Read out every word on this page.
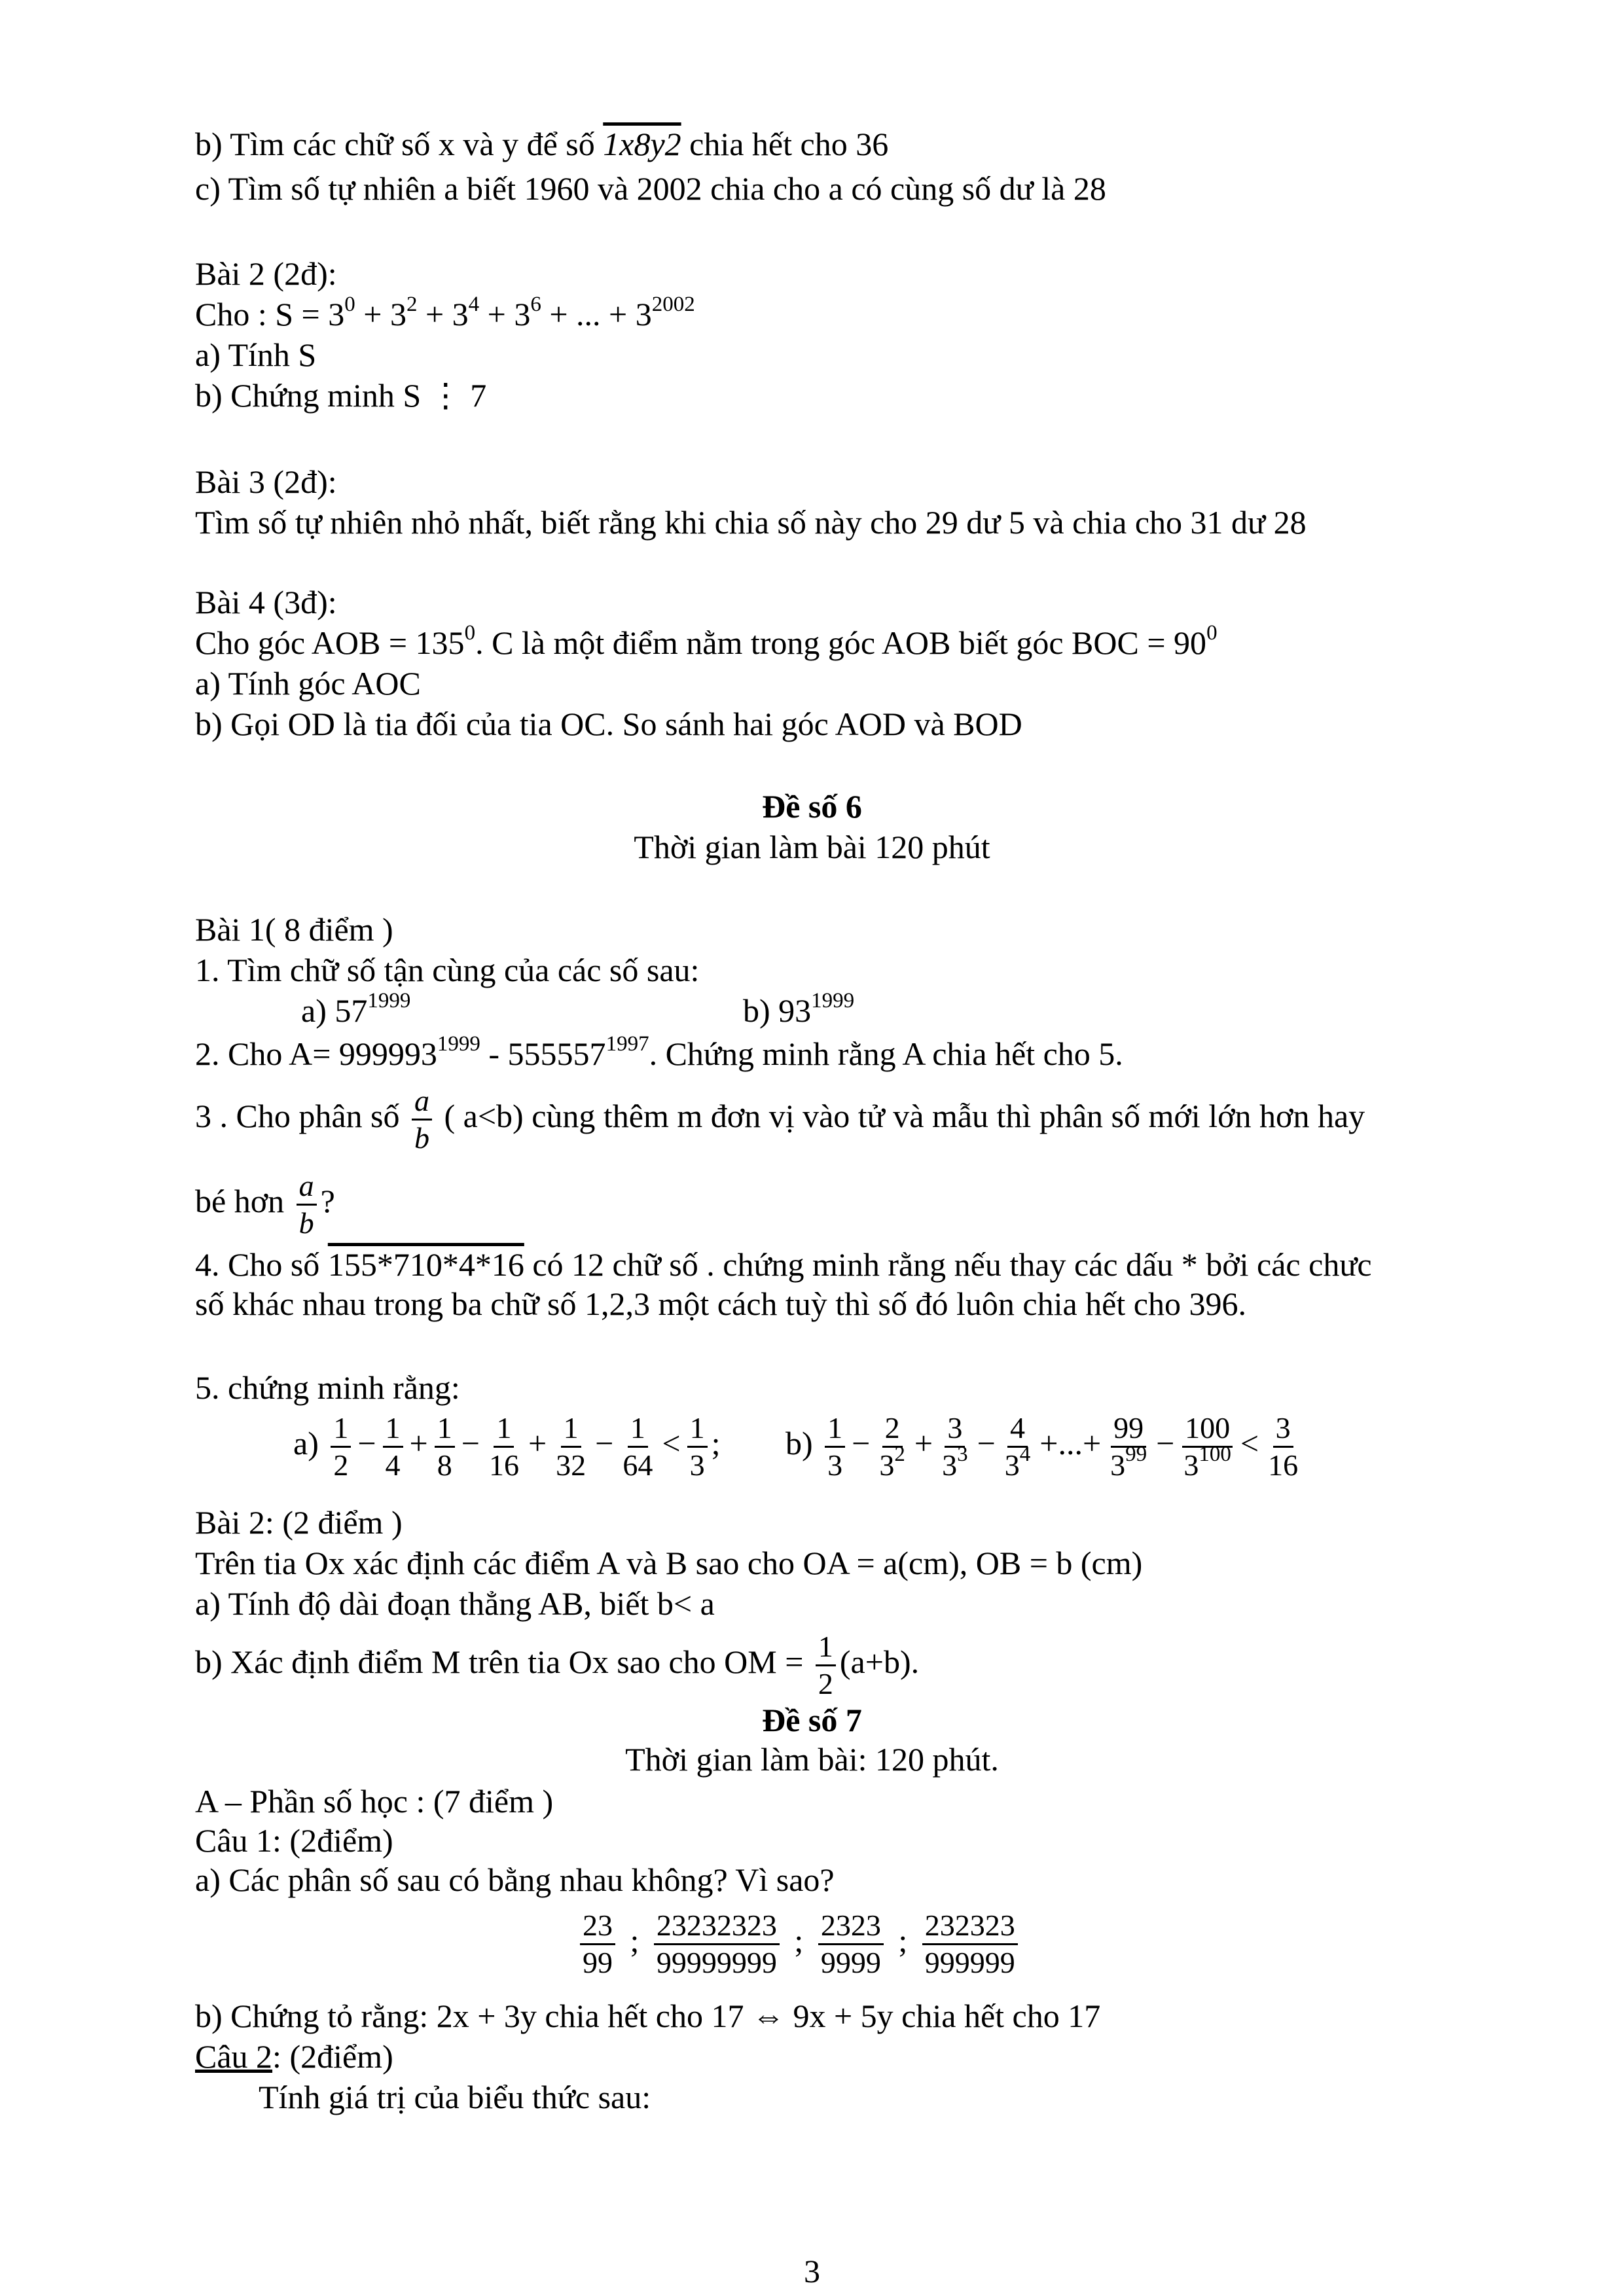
b) Tìm các chữ số x và y để số 1x8y2 chia hết cho 36
c) Tìm số tự nhiên a biết 1960 và 2002 chia cho a có cùng số dư là 28
Bài 2 (2đ):
Cho : $S = 3^0 + 3^2 + 3^4 + 3^6$ + ... + $3^{2002}$
a) Tính S
b) Chứng minh S ⋮ 7
Bài 3 (2đ):
Tìm số tự nhiên nhỏ nhất, biết rằng khi chia số này cho 29 dư 5 và chia cho 31 dư 28
Bài 4 (3đ):
Cho góc AOB = $135^0$. C là một điểm nằm trong góc AOB biết góc BOC = $90^0$
a) Tính góc AOC
b) Gọi OD là tia đối của tia OC. So sánh hai góc AOD và BOD
Đề số 6
Thời gian làm bài 120 phút
Bài 1( 8 điểm )
1. Tìm chữ số tận cùng của các số sau:
a) $57^{1999}$	b) $93^{1999}$
2. Cho $A= 999993^{1999} - 555557^{1997}$. Chứng minh rằng A chia hết cho 5.
3 . Cho phân số $\frac{a}{b}$ ( a<b) cùng thêm m đơn vị vào tử và mẫu thì phân số mới lớn hơn hay
bé hơn $\frac{a}{b}$ ?
4. Cho số 155*710*4*16 có 12 chữ số . chứng minh rằng nếu thay các dấu * bởi các chưc
số khác nhau trong ba chữ số 1,2,3 một cách tuỳ thì số đó luôn chia hết cho 396.
5. chứng minh rằng:
$a) \frac{1}{2} - \frac{1}{4} + \frac{1}{8} - \frac{1}{16} + \frac{1}{32} - \frac{1}{64} < \frac{1}{3}$ ; $b) \frac{1}{3} - \frac{2}{3^2} + \frac{3}{3^3} - \frac{4}{3^4}$ +...+ $\frac{99}{3^{99}} - \frac{100}{3^{100}} < \frac{3}{16}$
Bài 2: (2 điểm )
Trên tia Ox xác định các điểm A và B sao cho OA = a(cm), OB = b (cm)
a) Tính độ dài đoạn thẳng AB, biết b< a
b) Xác định điểm M trên tia Ox sao cho OM = $\frac{1}{2} (a+b)$.
Đề số 7
Thời gian làm bài: 120 phút.
A – Phần số học : (7 điểm )
Câu 1: (2điểm)
a) Các phân số sau có bằng nhau không? Vì sao?
$\frac{23}{99}$ ; $\frac{23232323}{99999999}$ ; $\frac{2323}{9999}$ ; $\frac{232323}{999999}$
b) Chứng tỏ rằng: 2x + 3y chia hết cho 17 ⇔ 9x + 5y chia hết cho 17
Câu 2: (2điểm)
Tính giá trị của biểu thức sau:
3
